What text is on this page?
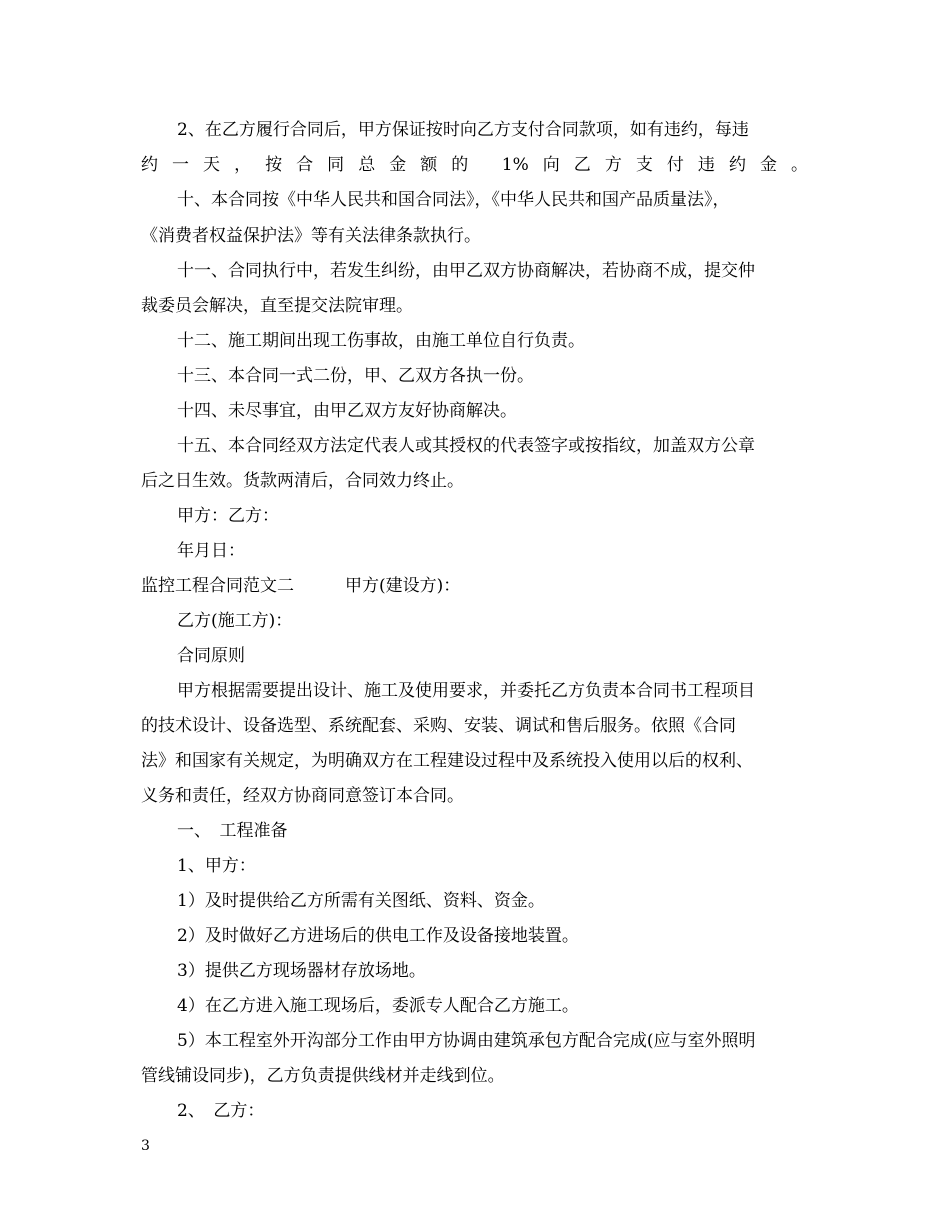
2、在乙方履行合同后，甲方保证按时向乙方支付合同款项，如有违约，每违
约一天，按合同总金额的 1%向乙方支付违约金。
十、本合同按《中华人民共和国合同法》，《中华人民共和国产品质量法》，
《消费者权益保护法》等有关法律条款执行。
十一、合同执行中，若发生纠纷，由甲乙双方协商解决，若协商不成，提交仲
裁委员会解决，直至提交法院审理。
十二、施工期间出现工伤事故，由施工单位自行负责。
十三、本合同一式二份，甲、乙双方各执一份。
十四、未尽事宜，由甲乙双方友好协商解决。
十五、本合同经双方法定代表人或其授权的代表签字或按指纹，加盖双方公章
后之日生效。货款两清后，合同效力终止。
甲方：乙方：
年月日：
监控工程合同范文二　　　甲方(建设方)：
乙方(施工方)：
合同原则
甲方根据需要提出设计、施工及使用要求，并委托乙方负责本合同书工程项目
的技术设计、设备选型、系统配套、采购、安装、调试和售后服务。依照《合同
法》和国家有关规定，为明确双方在工程建设过程中及系统投入使用以后的权利、
义务和责任，经双方协商同意签订本合同。
一、　工程准备
1、甲方：
1）及时提供给乙方所需有关图纸、资料、资金。
2）及时做好乙方进场后的供电工作及设备接地装置。
3）提供乙方现场器材存放场地。
4）在乙方进入施工现场后，委派专人配合乙方施工。
5）本工程室外开沟部分工作由甲方协调由建筑承包方配合完成(应与室外照明
管线铺设同步)，乙方负责提供线材并走线到位。
2、　乙方：
3
